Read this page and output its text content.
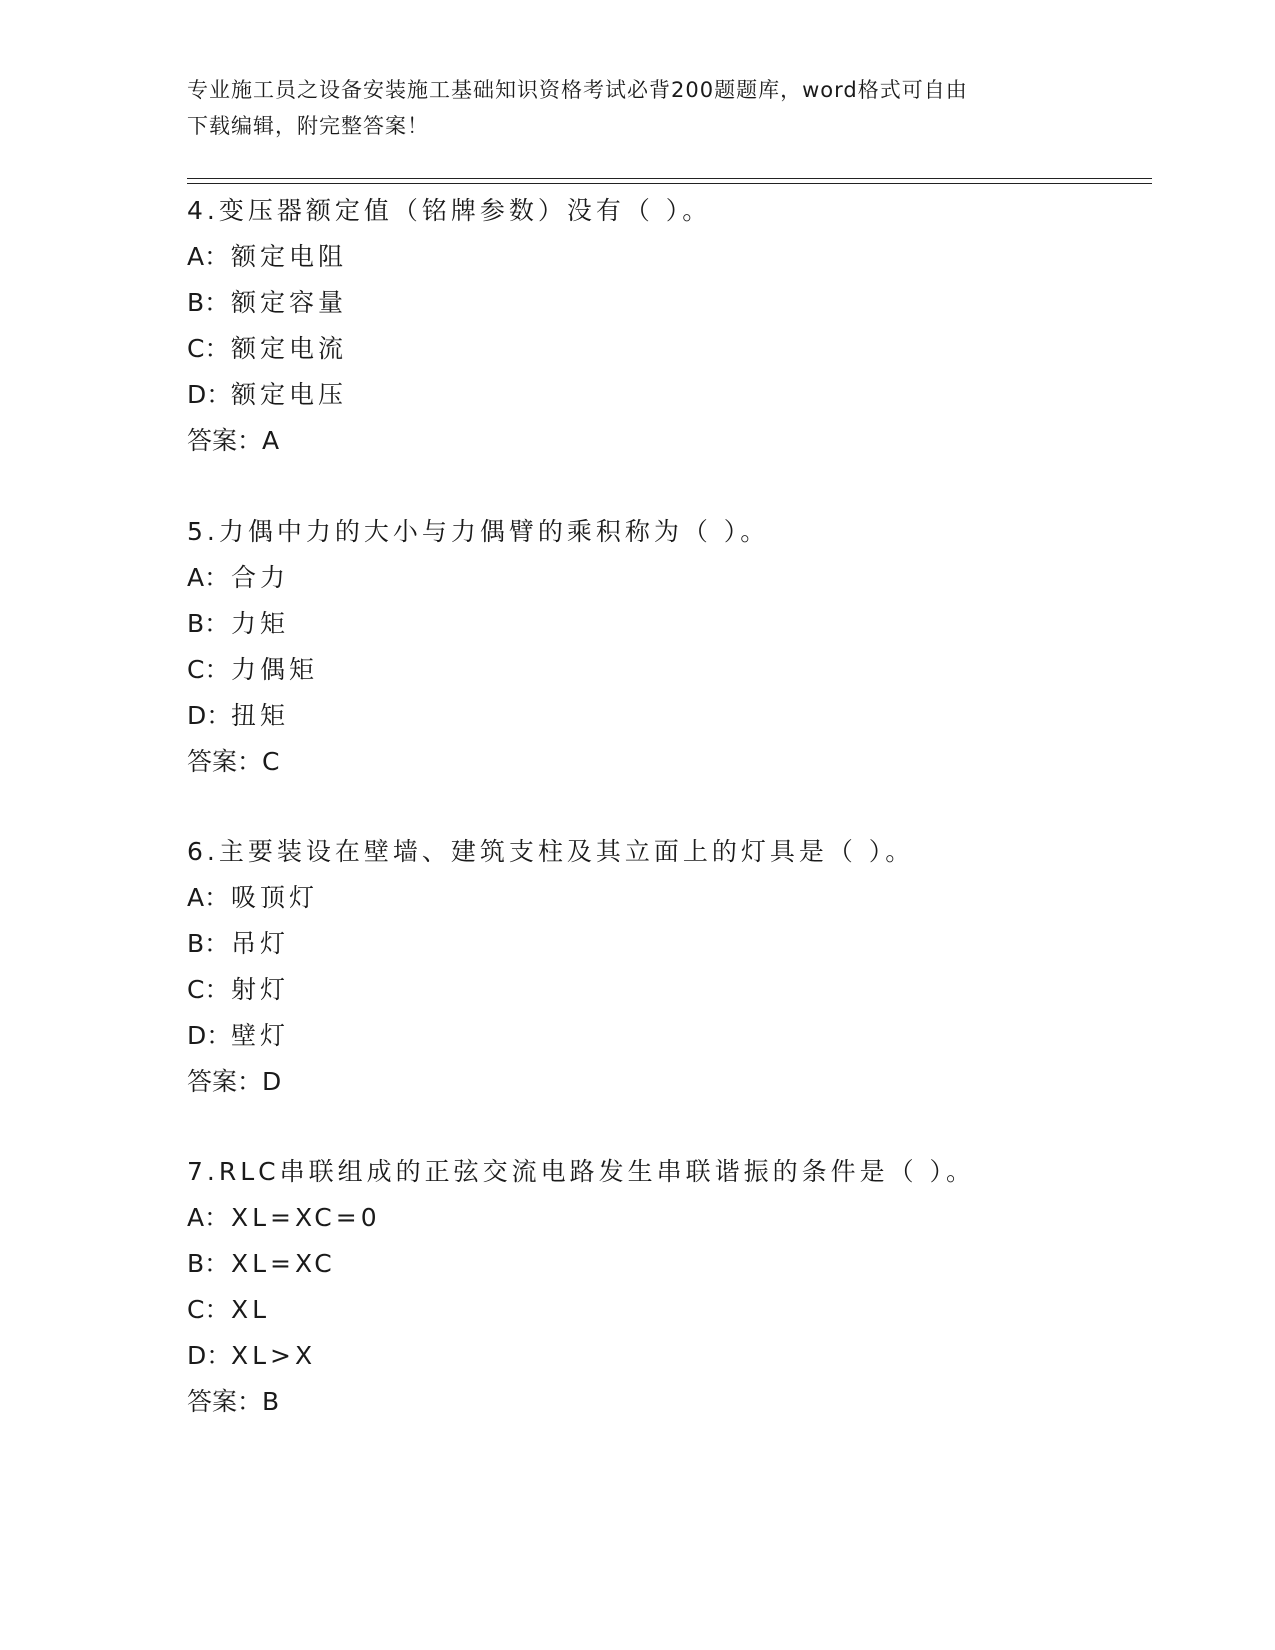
专业施工员之设备安装施工基础知识资格考试必背200题题库，word格式可自由
下载编辑，附完整答案！
4.变压器额定值（铭牌参数）没有（ ）。
A：额定电阻
B：额定容量
C：额定电流
D：额定电压
答案：A
5.力偶中力的大小与力偶臂的乘积称为（ ）。
A：合力
B：力矩
C：力偶矩
D：扭矩
答案：C
6.主要装设在壁墙、建筑支柱及其立面上的灯具是（ ）。
A：吸顶灯
B：吊灯
C：射灯
D：壁灯
答案：D
7.RLC串联组成的正弦交流电路发生串联谐振的条件是（ ）。
A：XL=XC=0
B：XL=XC
C：XL
D：XL>X
答案：B
